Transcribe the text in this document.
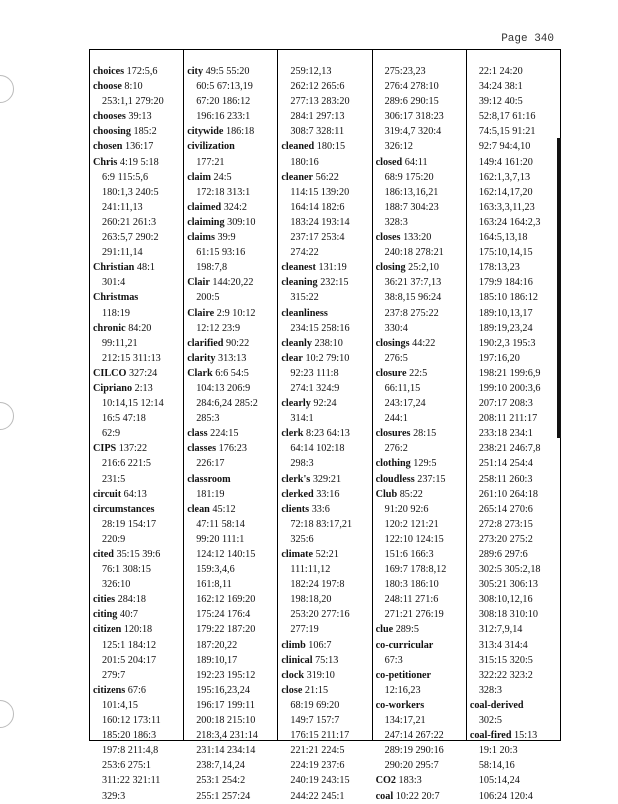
Page 340
choices 172:5,6
choose 8:10
253:1,1 279:20
chooses 39:13
choosing 185:2
chosen 136:17
Chris 4:19 5:18
6:9 115:5,6
180:1,3 240:5
241:11,13
260:21 261:3
263:5,7 290:2
291:11,14
Christian 48:1
301:4
Christmas
118:19
chronic 84:20
99:11,21
212:15 311:13
CILCO 327:24
Cipriano 2:13
10:14,15 12:14
16:5 47:18
62:9
CIPS 137:22
216:6 221:5
231:5
circuit 64:13
circumstances
28:19 154:17
220:9
cited 35:15 39:6
76:1 308:15
326:10
cities 284:18
citing 40:7
citizen 120:18
125:1 184:12
201:5 204:17
279:7
citizens 67:6
101:4,15
160:12 173:11
185:20 186:3
197:8 211:4,8
253:6 275:1
311:22 321:11
329:3
city 49:5 55:20
60:5 67:13,19
67:20 186:12
196:16 233:1
citywide 186:18
civilization
177:21
claim 24:5
172:18 313:1
claimed 324:2
claiming 309:10
claims 39:9
61:15 93:16
198:7,8
Clair 144:20,22
200:5
Claire 2:9 10:12
12:12 23:9
clarified 90:22
clarity 313:13
Clark 6:6 54:5
104:13 206:9
284:6,24 285:2
285:3
class 224:15
classes 176:23
226:17
classroom
181:19
clean 45:12
47:11 58:14
99:20 111:1
124:12 140:15
159:3,4,6
161:8,11
162:12 169:20
175:24 176:4
179:22 187:20
187:20,22
189:10,17
192:23 195:12
195:16,23,24
196:17 199:11
200:18 215:10
218:3,4 231:14
231:14 234:14
238:7,14,24
253:1 254:2
255:1 257:24
259:12,13
262:12 265:6
277:13 283:20
284:1 297:13
308:7 328:11
cleaned 180:15
180:16
cleaner 56:22
114:15 139:20
164:14 182:6
183:24 193:14
237:17 253:4
274:22
cleanest 131:19
cleaning 232:15
315:22
cleanliness
234:15 258:16
cleanly 238:10
clear 10:2 79:10
92:23 111:8
274:1 324:9
clearly 92:24
314:1
clerk 8:23 64:13
64:14 102:18
298:3
clerk's 329:21
clerked 33:16
clients 33:6
72:18 83:17,21
325:6
climate 52:21
111:11,12
182:24 197:8
198:18,20
253:20 277:16
277:19
climb 106:7
clinical 75:13
clock 319:10
close 21:15
68:19 69:20
149:7 157:7
176:15 211:17
221:21 224:5
224:19 237:6
240:19 243:15
244:22 245:1
275:23,23
276:4 278:10
289:6 290:15
306:17 318:23
319:4,7 320:4
326:12
closed 64:11
68:9 175:20
186:13,16,21
188:7 304:23
328:3
closes 133:20
240:18 278:21
closing 25:2,10
36:21 37:7,13
38:8,15 96:24
237:8 275:22
330:4
closings 44:22
276:5
closure 22:5
66:11,15
243:17,24
244:1
closures 28:15
276:2
clothing 129:5
cloudless 237:15
Club 85:22
91:20 92:6
120:2 121:21
122:10 124:15
151:6 166:3
169:7 178:8,12
180:3 186:10
248:11 271:6
271:21 276:19
clue 289:5
co-curricular
67:3
co-petitioner
12:16,23
co-workers
134:17,21
247:14 267:22
289:19 290:16
290:20 295:7
CO2 183:3
coal 10:22 20:7
22:1 24:20
34:24 38:1
39:12 40:5
52:8,17 61:16
74:5,15 91:21
92:7 94:4,10
149:4 161:20
162:1,3,7,13
162:14,17,20
163:3,3,11,23
163:24 164:2,3
164:5,13,18
175:10,14,15
178:13,23
179:9 184:16
185:10 186:12
189:10,13,17
189:19,23,24
190:2,3 195:3
197:16,20
198:21 199:6,9
199:10 200:3,6
207:17 208:3
208:11 211:17
233:18 234:1
238:21 246:7,8
251:14 254:4
258:11 260:3
261:10 264:18
265:14 270:6
272:8 273:15
273:20 275:2
289:6 297:6
302:5 305:2,18
305:21 306:13
308:10,12,16
308:18 310:10
312:7,9,14
313:4 314:4
315:15 320:5
322:22 323:2
328:3
coal-derived
302:5
coal-fired 15:13
19:1 20:3
58:14,16
105:14,24
106:24 120:4
